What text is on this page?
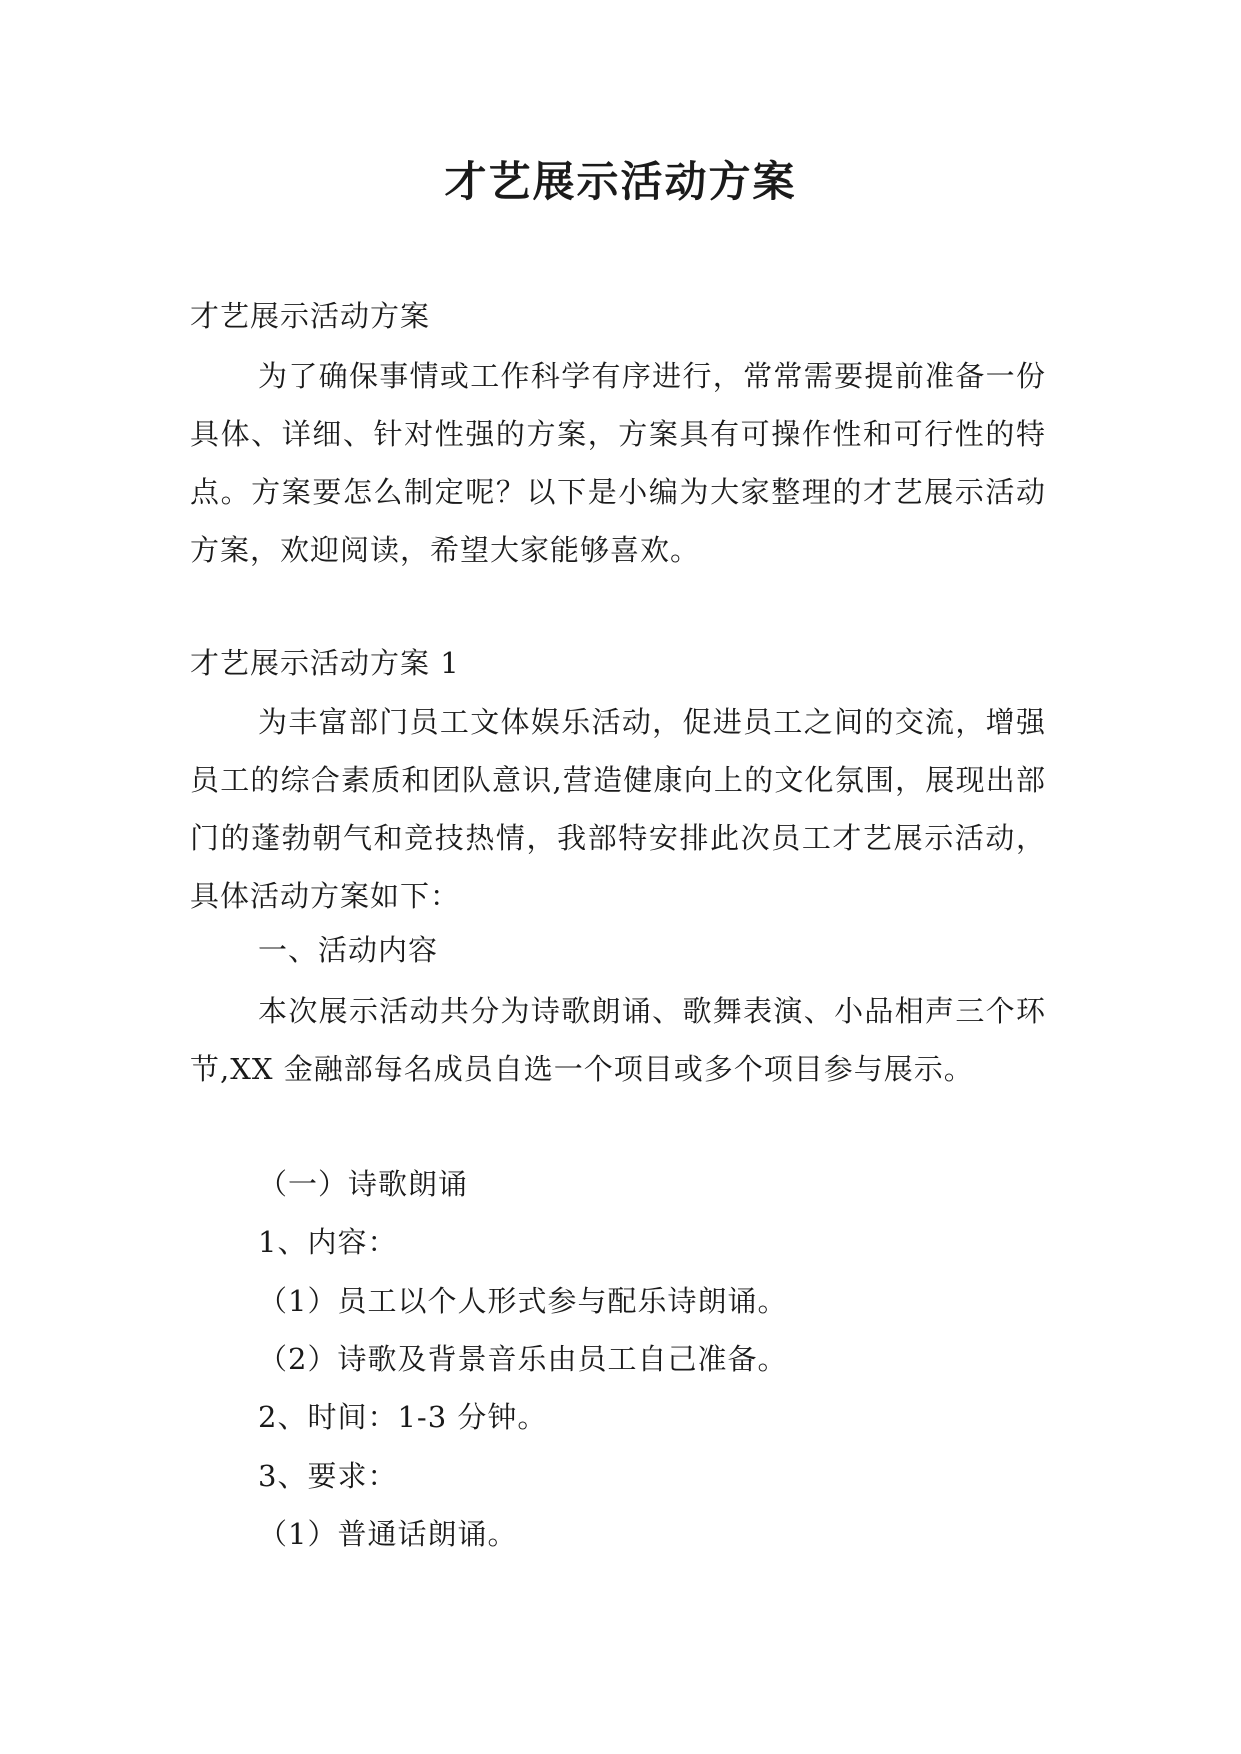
才艺展示活动方案
才艺展示活动方案
为了确保事情或工作科学有序进行，常常需要提前准备一份具体、详细、针对性强的方案，方案具有可操作性和可行性的特点。方案要怎么制定呢？以下是小编为大家整理的才艺展示活动方案，欢迎阅读，希望大家能够喜欢。
才艺展示活动方案 1
为丰富部门员工文体娱乐活动，促进员工之间的交流，增强员工的综合素质和团队意识,营造健康向上的文化氛围，展现出部门的蓬勃朝气和竞技热情，我部特安排此次员工才艺展示活动，具体活动方案如下：
一、活动内容
本次展示活动共分为诗歌朗诵、歌舞表演、小品相声三个环节,XX 金融部每名成员自选一个项目或多个项目参与展示。
（一）诗歌朗诵
1、内容：
（1）员工以个人形式参与配乐诗朗诵。
（2）诗歌及背景音乐由员工自己准备。
2、时间：1-3 分钟。
3、要求：
（1）普通话朗诵。
